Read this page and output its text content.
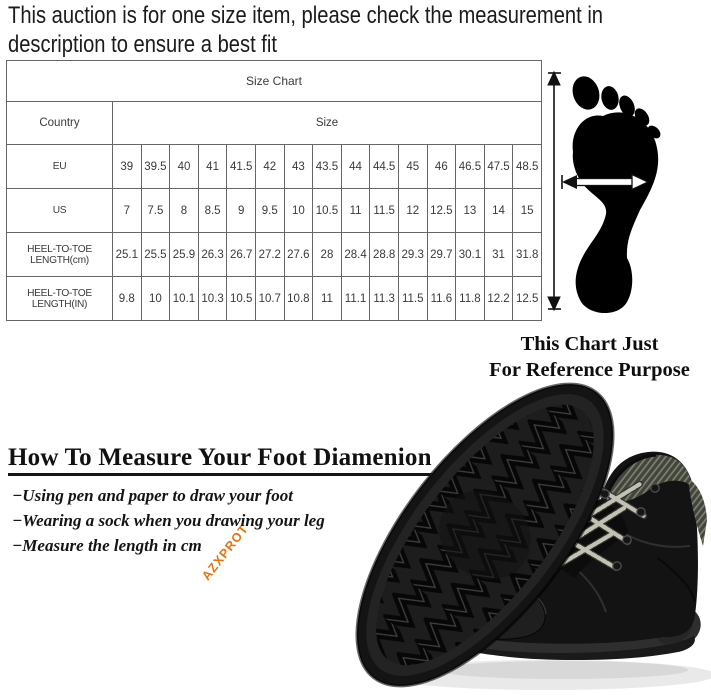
This auction is for one size item, please check the measurement in
description to ensure a best fit
Size Chart															
Country	Size														
EU	39	39.5	40	41	41.5	42	43	43.5	44	44.5	45	46	46.5	47.5	48.5
US	7	7.5	8	8.5	9	9.5	10	10.5	11	11.5	12	12.5	13	14	15
HEEL-TO-TOE LENGTH(cm)	25.1	25.5	25.9	26.3	26.7	27.2	27.6	28	28.4	28.8	29.3	29.7	30.1	31	31.8
HEEL-TO-TOE LENGTH(IN)	9.8	10	10.1	10.3	10.5	10.7	10.8	11	11.1	11.3	11.5	11.6	11.8	12.2	12.5
This Chart Just
For Reference Purpose
AZXPROT
How To Measure Your Foot Diamenion
−Using pen and paper to draw your foot
−Wearing a sock when you drawing your leg
−Measure the length in cm
